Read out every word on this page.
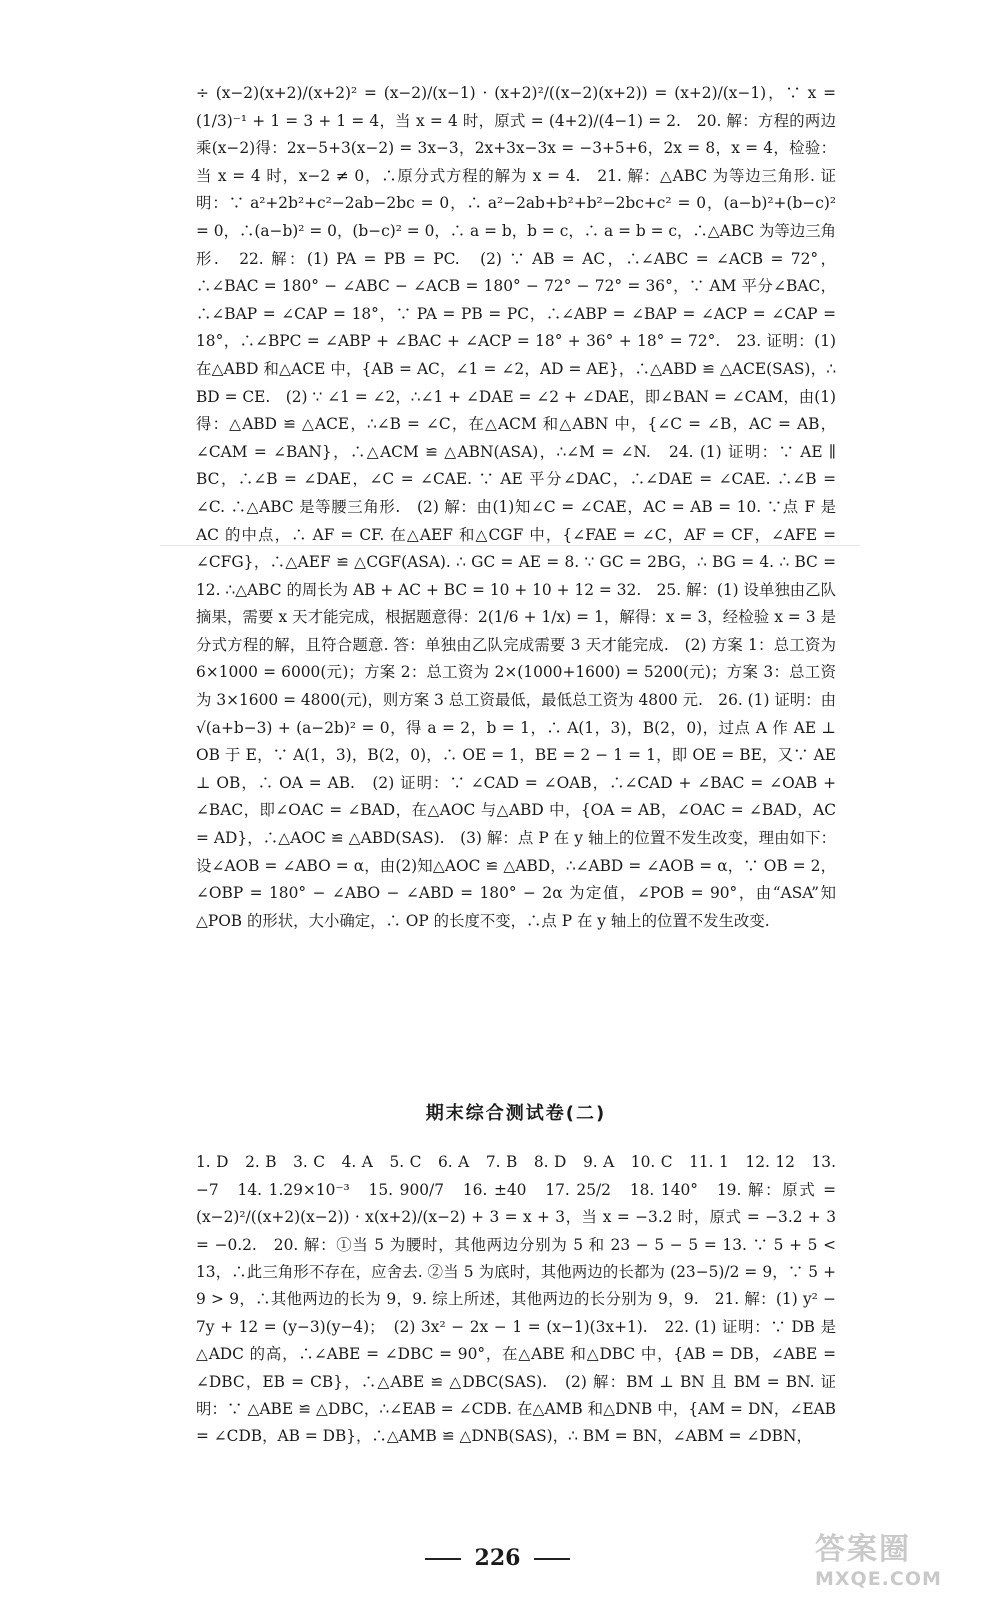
÷ (x−2)(x+2)/(x+2)² = (x−2)/(x−1) · (x+2)²/((x−2)(x+2)) = (x+2)/(x−1)，∵ x = (1/3)⁻¹ + 1 = 3 + 1 = 4，当 x = 4 时，原式 = (4+2)/(4−1) = 2.　20. 解：方程的两边乘(x−2)得：2x−5+3(x−2) = 3x−3，2x+3x−3x = −3+5+6，2x = 8，x = 4，检验：当 x = 4 时，x−2 ≠ 0，∴原分式方程的解为 x = 4.　21. 解：△ABC 为等边三角形. 证明：∵ a²+2b²+c²−2ab−2bc = 0，∴ a²−2ab+b²+b²−2bc+c² = 0，(a−b)²+(b−c)² = 0，∴(a−b)² = 0，(b−c)² = 0，∴ a = b，b = c，∴ a = b = c，∴△ABC 为等边三角形.　22. 解：(1) PA = PB = PC.　(2) ∵ AB = AC，∴∠ABC = ∠ACB = 72°，∴∠BAC = 180° − ∠ABC − ∠ACB = 180° − 72° − 72° = 36°，∵ AM 平分∠BAC，∴∠BAP = ∠CAP = 18°，∵ PA = PB = PC，∴∠ABP = ∠BAP = ∠ACP = ∠CAP = 18°，∴∠BPC = ∠ABP + ∠BAC + ∠ACP = 18° + 36° + 18° = 72°.　23. 证明：(1) 在△ABD 和△ACE 中，{AB = AC，∠1 = ∠2，AD = AE}，∴△ABD ≌ △ACE(SAS)，∴ BD = CE.　(2) ∵ ∠1 = ∠2，∴∠1 + ∠DAE = ∠2 + ∠DAE，即∠BAN = ∠CAM，由(1)得：△ABD ≌ △ACE，∴∠B = ∠C，在△ACM 和△ABN 中，{∠C = ∠B，AC = AB，∠CAM = ∠BAN}，∴△ACM ≌ △ABN(ASA)，∴∠M = ∠N.　24. (1) 证明：∵ AE ∥ BC，∴∠B = ∠DAE，∠C = ∠CAE. ∵ AE 平分∠DAC，∴∠DAE = ∠CAE. ∴∠B = ∠C. ∴△ABC 是等腰三角形.　(2) 解：由(1)知∠C = ∠CAE，AC = AB = 10. ∵点 F 是 AC 的中点，∴ AF = CF. 在△AEF 和△CGF 中，{∠FAE = ∠C，AF = CF，∠AFE = ∠CFG}，∴△AEF ≌ △CGF(ASA). ∴ GC = AE = 8. ∵ GC = 2BG，∴ BG = 4. ∴ BC = 12. ∴△ABC 的周长为 AB + AC + BC = 10 + 10 + 12 = 32.　25. 解：(1) 设单独由乙队摘果，需要 x 天才能完成，根据题意得：2(1/6 + 1/x) = 1，解得：x = 3，经检验 x = 3 是分式方程的解，且符合题意. 答：单独由乙队完成需要 3 天才能完成.　(2) 方案 1：总工资为 6×1000 = 6000(元)；方案 2：总工资为 2×(1000+1600) = 5200(元)；方案 3：总工资为 3×1600 = 4800(元)，则方案 3 总工资最低，最低总工资为 4800 元.　26. (1) 证明：由 √(a+b−3) + (a−2b)² = 0，得 a = 2，b = 1，∴ A(1，3)，B(2，0)，过点 A 作 AE ⊥ OB 于 E，∵ A(1，3)，B(2，0)，∴ OE = 1，BE = 2 − 1 = 1，即 OE = BE，又∵ AE ⊥ OB，∴ OA = AB.　(2) 证明：∵ ∠CAD = ∠OAB，∴∠CAD + ∠BAC = ∠OAB + ∠BAC，即∠OAC = ∠BAD，在△AOC 与△ABD 中，{OA = AB，∠OAC = ∠BAD，AC = AD}，∴△AOC ≌ △ABD(SAS).　(3) 解：点 P 在 y 轴上的位置不发生改变，理由如下：设∠AOB = ∠ABO = α，由(2)知△AOC ≌ △ABD，∴∠ABD = ∠AOB = α，∵ OB = 2，∠OBP = 180° − ∠ABO − ∠ABD = 180° − 2α 为定值，∠POB = 90°，由“ASA”知△POB 的形状，大小确定，∴ OP 的长度不变，∴点 P 在 y 轴上的位置不发生改变.

期末综合测试卷(二)

1. D　2. B　3. C　4. A　5. C　6. A　7. B　8. D　9. A　10. C　11. 1　12. 12　13. −7　14. 1.29×10⁻³　15. 900/7　16. ±40　17. 25/2　18. 140°　19. 解：原式 = (x−2)²/((x+2)(x−2)) · x(x+2)/(x−2) + 3 = x + 3，当 x = −3.2 时，原式 = −3.2 + 3 = −0.2.　20. 解：①当 5 为腰时，其他两边分别为 5 和 23 − 5 − 5 = 13. ∵ 5 + 5 < 13，∴此三角形不存在，应舍去. ②当 5 为底时，其他两边的长都为 (23−5)/2 = 9，∵ 5 + 9 > 9，∴其他两边的长为 9，9. 综上所述，其他两边的长分别为 9，9.　21. 解：(1) y² − 7y + 12 = (y−3)(y−4)；　(2) 3x² − 2x − 1 = (x−1)(3x+1).　22. (1) 证明：∵ DB 是△ADC 的高，∴∠ABE = ∠DBC = 90°，在△ABE 和△DBC 中，{AB = DB，∠ABE = ∠DBC，EB = CB}，∴△ABE ≌ △DBC(SAS).　(2) 解：BM ⊥ BN 且 BM = BN. 证明：∵ △ABE ≌ △DBC，∴∠EAB = ∠CDB. 在△AMB 和△DNB 中，{AM = DN，∠EAB = ∠CDB，AB = DB}，∴△AMB ≌ △DNB(SAS)，∴ BM = BN，∠ABM = ∠DBN，

226	答案圈
MXQE.COM
